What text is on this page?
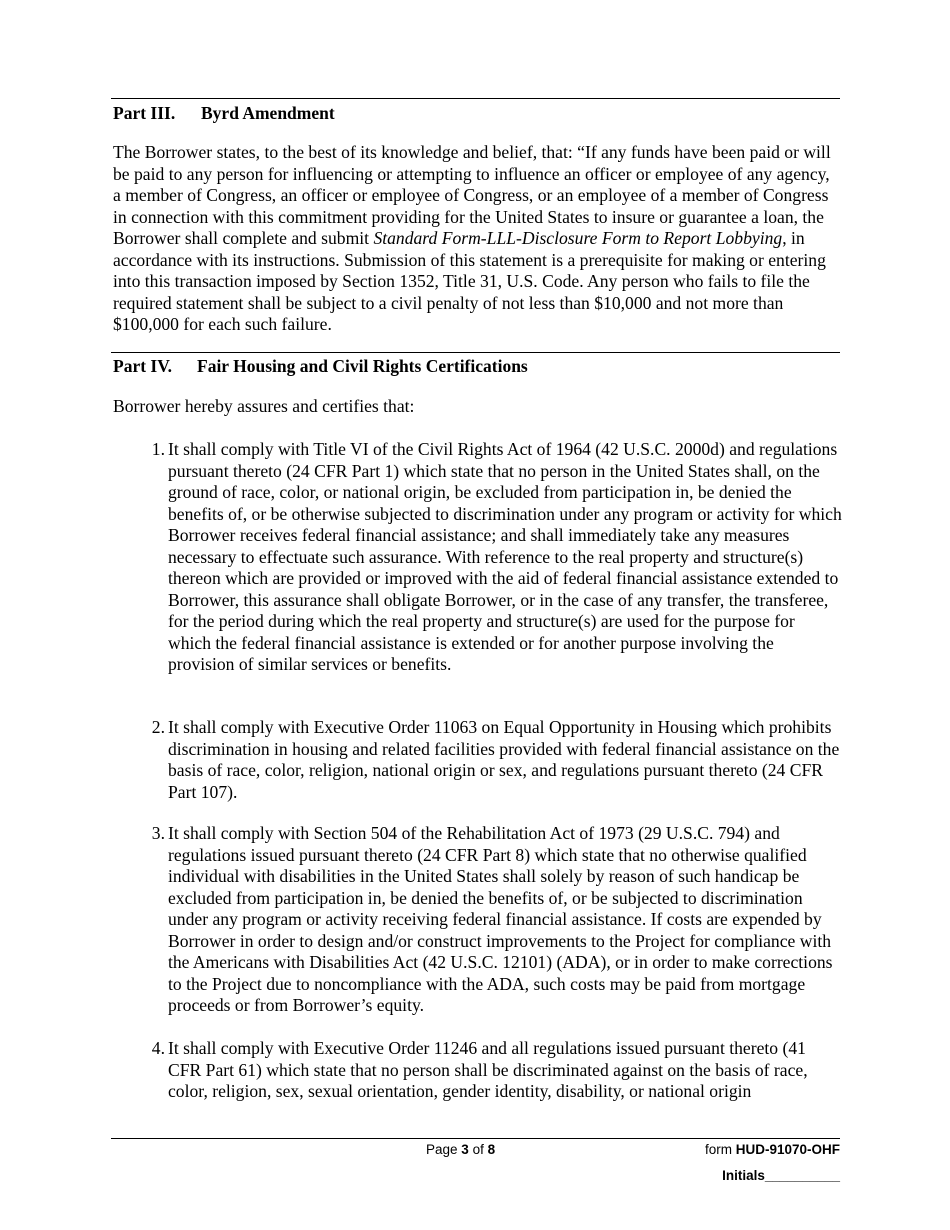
Part III. Byrd Amendment
The Borrower states, to the best of its knowledge and belief, that: “If any funds have been paid or will be paid to any person for influencing or attempting to influence an officer or employee of any agency, a member of Congress, an officer or employee of Congress, or an employee of a member of Congress in connection with this commitment providing for the United States to insure or guarantee a loan, the Borrower shall complete and submit Standard Form-LLL-Disclosure Form to Report Lobbying, in accordance with its instructions. Submission of this statement is a prerequisite for making or entering into this transaction imposed by Section 1352, Title 31, U.S. Code. Any person who fails to file the required statement shall be subject to a civil penalty of not less than $10,000 and not more than $100,000 for each such failure.
Part IV. Fair Housing and Civil Rights Certifications
Borrower hereby assures and certifies that:
1. It shall comply with Title VI of the Civil Rights Act of 1964 (42 U.S.C. 2000d) and regulations pursuant thereto (24 CFR Part 1) which state that no person in the United States shall, on the ground of race, color, or national origin, be excluded from participation in, be denied the benefits of, or be otherwise subjected to discrimination under any program or activity for which Borrower receives federal financial assistance; and shall immediately take any measures necessary to effectuate such assurance. With reference to the real property and structure(s) thereon which are provided or improved with the aid of federal financial assistance extended to Borrower, this assurance shall obligate Borrower, or in the case of any transfer, the transferee, for the period during which the real property and structure(s) are used for the purpose for which the federal financial assistance is extended or for another purpose involving the provision of similar services or benefits.
2. It shall comply with Executive Order 11063 on Equal Opportunity in Housing which prohibits discrimination in housing and related facilities provided with federal financial assistance on the basis of race, color, religion, national origin or sex, and regulations pursuant thereto (24 CFR Part 107).
3. It shall comply with Section 504 of the Rehabilitation Act of 1973 (29 U.S.C. 794) and regulations issued pursuant thereto (24 CFR Part 8) which state that no otherwise qualified individual with disabilities in the United States shall solely by reason of such handicap be excluded from participation in, be denied the benefits of, or be subjected to discrimination under any program or activity receiving federal financial assistance. If costs are expended by Borrower in order to design and/or construct improvements to the Project for compliance with the Americans with Disabilities Act (42 U.S.C. 12101) (ADA), or in order to make corrections to the Project due to noncompliance with the ADA, such costs may be paid from mortgage proceeds or from Borrower’s equity.
4. It shall comply with Executive Order 11246 and all regulations issued pursuant thereto (41 CFR Part 61) which state that no person shall be discriminated against on the basis of race, color, religion, sex, sexual orientation, gender identity, disability, or national origin
Page 3 of 8	form HUD-91070-OHF
Initials__________
